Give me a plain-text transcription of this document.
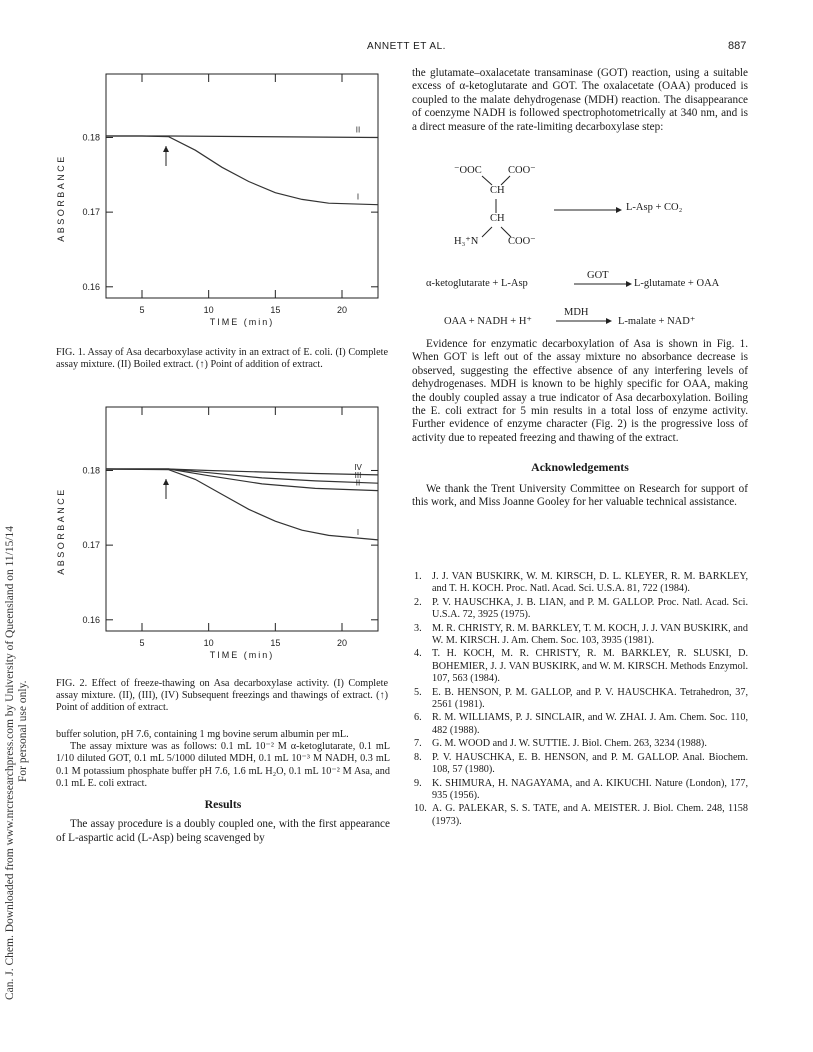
ANNETT ET AL.	887
Can. J. Chem. Downloaded from www.nrcresearchpress.com by University of Queensland on 11/15/14 For personal use only.
5	10	15	20
0.18
0.17
0.16
TIME (min)
ABSORBANCE
II
I
FIG. 1. Assay of Asa decarboxylase activity in an extract of E. coli. (I) Complete assay mixture. (II) Boiled extract. (↑) Point of addition of extract.
5	10	15	20
0.18
0.17
0.16
TIME (min)
ABSORBANCE
IV
III
II
I
FIG. 2. Effect of freeze-thawing on Asa decarboxylase activity. (I) Complete assay mixture. (II), (III), (IV) Subsequent freezings and thawings of extract. (↑) Point of addition of extract.

buffer solution, pH 7.6, containing 1 mg bovine serum albumin per mL.

The assay mixture was as follows: 0.1 mL 10⁻² M α-ketoglutarate, 0.1 mL 1/10 diluted GOT, 0.1 mL 5/1000 diluted MDH, 0.1 mL 10⁻³ M NADH, 0.3 mL 0.1 M potassium phosphate buffer pH 7.6, 1.6 mL H₂O, 0.1 mL 10⁻² M Asa, and 0.1 mL E. coli extract.

Results

The assay procedure is a doubly coupled one, with the first appearance of L-aspartic acid (L-Asp) being scavenged by

the glutamate–oxalacetate transaminase (GOT) reaction, using a suitable excess of α-ketoglutarate and GOT. The oxalacetate (OAA) produced is coupled to the malate dehydrogenase (MDH) reaction. The disappearance of coenzyme NADH is followed spectrophotometrically at 340 nm, and is a direct measure of the rate-limiting decarboxylase step:

⁻OOC	COO⁻
CH
CH
H₃⁺N	COO⁻
L-Asp + CO₂
GOT
α-ketoglutarate + L-Asp	L-glutamate + OAA
MDH
OAA + NADH + H⁺	L-malate + NAD⁺

Evidence for enzymatic decarboxylation of Asa is shown in Fig. 1. When GOT is left out of the assay mixture no absorbance decrease is observed, suggesting the effective absence of any interfering levels of dehydrogenases. MDH is known to be highly specific for OAA, making the doubly coupled assay a true indicator of Asa decarboxylation. Boiling the E. coli extract for 5 min results in a total loss of enzyme activity. Further evidence of enzyme character (Fig. 2) is the progressive loss of activity due to repeated freezing and thawing of the extract.

Acknowledgements

We thank the Trent University Committee on Research for support of this work, and Miss Joanne Gooley for her valuable technical assistance.

1. J. J. VAN BUSKIRK, W. M. KIRSCH, D. L. KLEYER, R. M. BARKLEY, and T. H. KOCH. Proc. Natl. Acad. Sci. U.S.A. 81, 722 (1984).
2. P. V. HAUSCHKA, J. B. LIAN, and P. M. GALLOP. Proc. Natl. Acad. Sci. U.S.A. 72, 3925 (1975).
3. M. R. CHRISTY, R. M. BARKLEY, T. M. KOCH, J. J. VAN BUSKIRK, and W. M. KIRSCH. J. Am. Chem. Soc. 103, 3935 (1981).
4. T. H. KOCH, M. R. CHRISTY, R. M. BARKLEY, R. SLUSKI, D. BOHEMIER, J. J. VAN BUSKIRK, and W. M. KIRSCH. Methods Enzymol. 107, 563 (1984).
5. E. B. HENSON, P. M. GALLOP, and P. V. HAUSCHKA. Tetrahedron, 37, 2561 (1981).
6. R. M. WILLIAMS, P. J. SINCLAIR, and W. ZHAI. J. Am. Chem. Soc. 110, 482 (1988).
7. G. M. WOOD and J. W. SUTTIE. J. Biol. Chem. 263, 3234 (1988).
8. P. V. HAUSCHKA, E. B. HENSON, and P. M. GALLOP. Anal. Biochem. 108, 57 (1980).
9. K. SHIMURA, H. NAGAYAMA, and A. KIKUCHI. Nature (London), 177, 935 (1956).
10. A. G. PALEKAR, S. S. TATE, and A. MEISTER. J. Biol. Chem. 248, 1158 (1973).
